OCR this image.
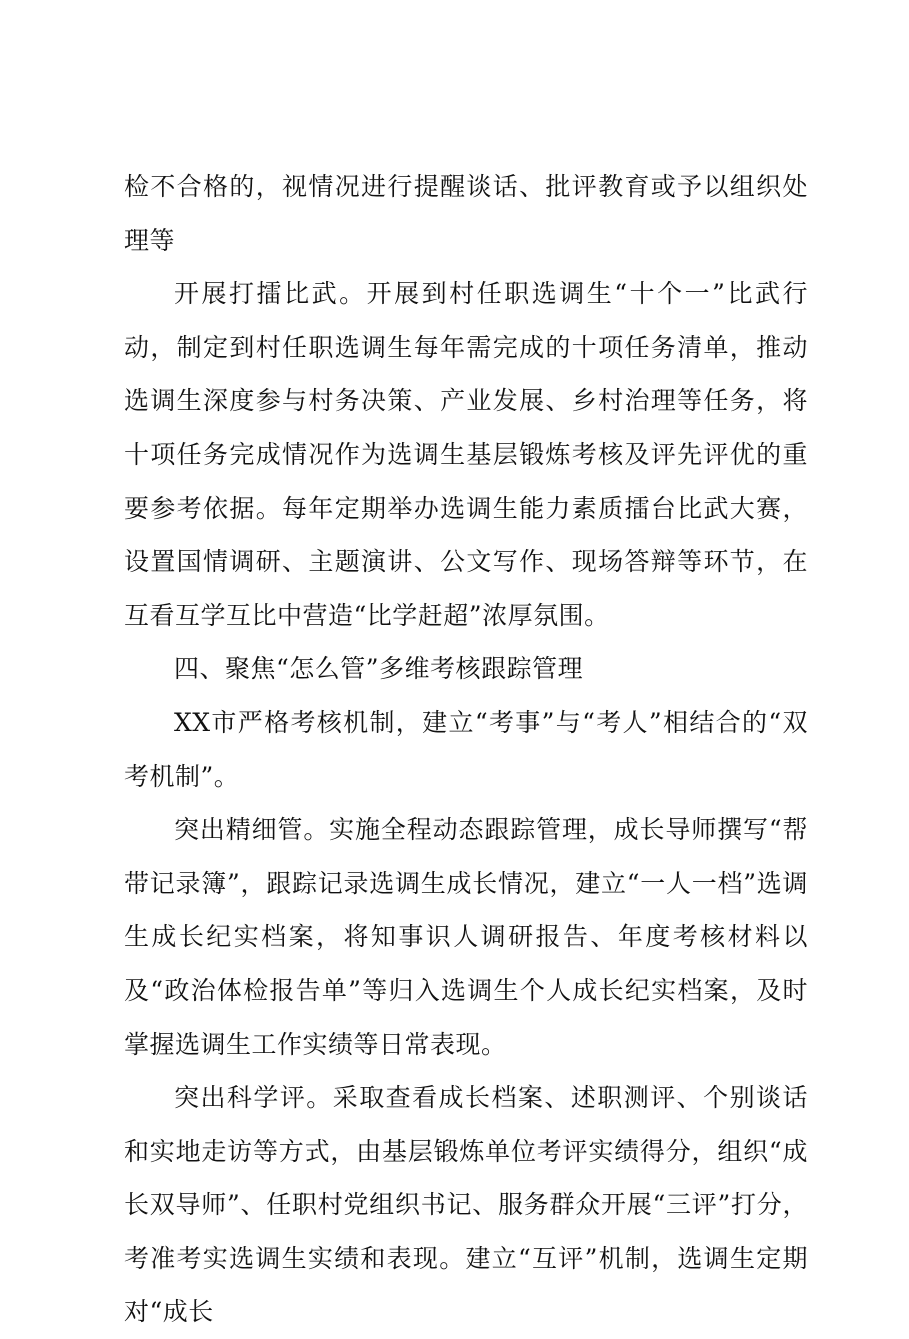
检不合格的，视情况进行提醒谈话、批评教育或予以组织处理等

开展打擂比武。开展到村任职选调生“十个一”比武行动，制定到村任职选调生每年需完成的十项任务清单，推动选调生深度参与村务决策、产业发展、乡村治理等任务，将十项任务完成情况作为选调生基层锻炼考核及评先评优的重要参考依据。每年定期举办选调生能力素质擂台比武大赛，设置国情调研、主题演讲、公文写作、现场答辩等环节，在互看互学互比中营造“比学赶超”浓厚氛围。

四、聚焦“怎么管”多维考核跟踪管理

XX市严格考核机制，建立“考事”与“考人”相结合的“双考机制”。

突出精细管。实施全程动态跟踪管理，成长导师撰写“帮带记录簿”，跟踪记录选调生成长情况，建立“一人一档”选调生成长纪实档案，将知事识人调研报告、年度考核材料以及“政治体检报告单”等归入选调生个人成长纪实档案，及时掌握选调生工作实绩等日常表现。

突出科学评。采取查看成长档案、述职测评、个别谈话和实地走访等方式，由基层锻炼单位考评实绩得分，组织“成长双导师”、任职村党组织书记、服务群众开展“三评”打分，考准考实选调生实绩和表现。建立“互评”机制，选调生定期对“成长
